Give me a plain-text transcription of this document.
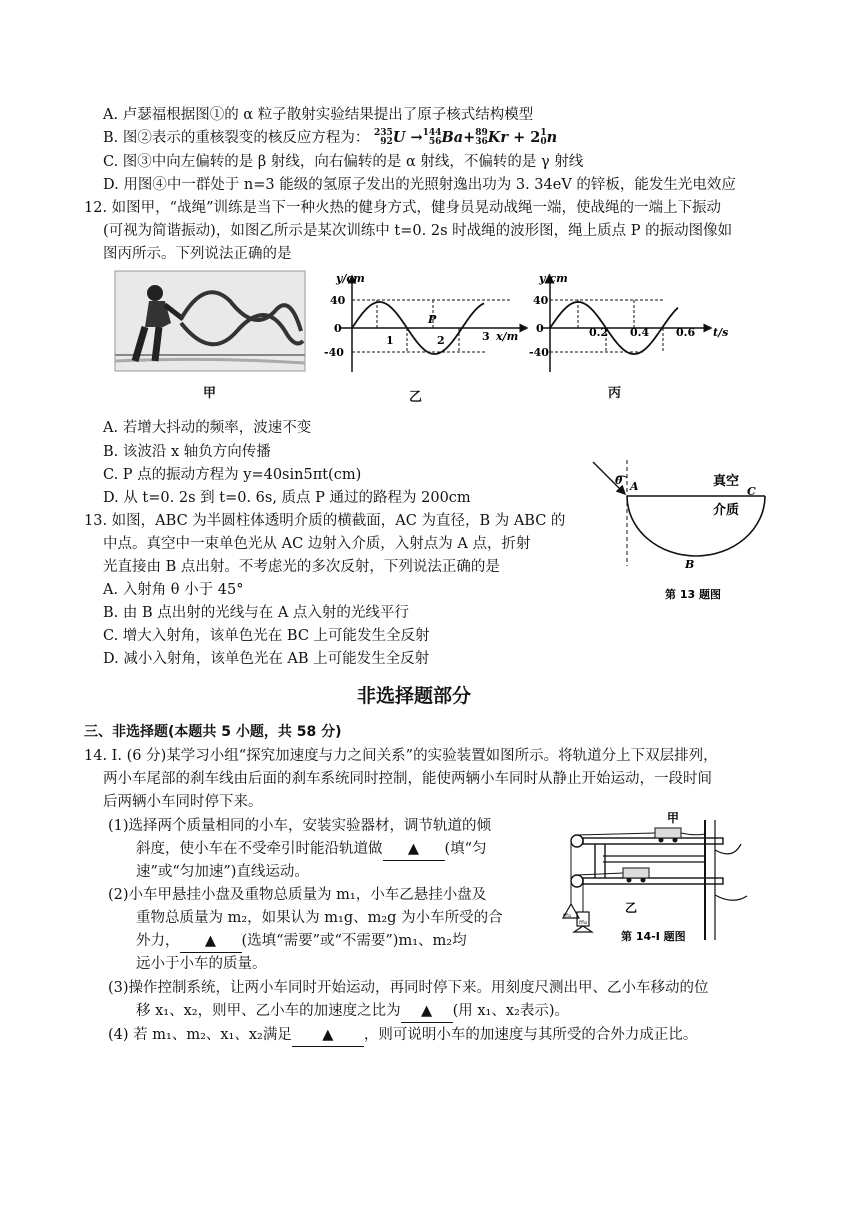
A. 卢瑟福根据图①的 α 粒子散射实验结果提出了原子核式结构模型
B. 图②表示的重核裂变的核反应方程为： 235
92U →144
56Ba+89
36Kr + 21
0n
C. 图③中向左偏转的是 β 射线，向右偏转的是 α 射线，不偏转的是 γ 射线
D. 用图④中一群处于 n=3 能级的氢原子发出的光照射逸出功为 3. 34eV 的锌板，能发生光电效应
12. 如图甲，“战绳”训练是当下一种火热的健身方式，健身员晃动战绳一端，使战绳的一端上下振动
(可视为简谐振动)，如图乙所示是某次训练中 t=0. 2s 时战绳的波形图，绳上质点 P 的振动图像如
图丙所示。下列说法正确的是
甲
y/cm
40
0
-40
1	2	3 x/m
P
乙
y/cm
40
0
-40
0.2 0.4 0.6 t/s
丙
A. 若增大抖动的频率，波速不变
B. 该波沿 x 轴负方向传播
C. P 点的振动方程为 y=40sin5πt(cm)
D. 从 t=0. 2s 到 t=0. 6s, 质点 P 通过的路程为 200cm
13. 如图，ABC 为半圆柱体透明介质的横截面，AC 为直径，B 为 ABC 的
中点。真空中一束单色光从 AC 边射入介质，入射点为 A 点，折射
光直接由 B 点出射。不考虑光的多次反射，下列说法正确的是
A. 入射角 θ 小于 45°
B. 由 B 点出射的光线与在 A 点入射的光线平行
C. 增大入射角，该单色光在 BC 上可能发生全反射
D. 减小入射角，该单色光在 AB 上可能发生全反射
θ A	C
B
真空
介质
第 13 题图
非选择题部分
三、非选择题(本题共 5 小题，共 58 分)
14. I. (6 分)某学习小组“探究加速度与力之间关系”的实验装置如图所示。将轨道分上下双层排列，
两小车尾部的刹车线由后面的刹车系统同时控制，能使两辆小车同时从静止开始运动，一段时间
后两辆小车同时停下来。
(1)选择两个质量相同的小车，安装实验器材，调节轨道的倾
斜度，使小车在不受牵引时能沿轨道做 ▲ (填“匀
速”或“匀加速”)直线运动。
(2)小车甲悬挂小盘及重物总质量为 m₁，小车乙悬挂小盘及
重物总质量为 m₂，如果认为 m₁g、m₂g 为小车所受的合
外力， ▲ (选填“需要”或“不需要”)m₁、m₂均
远小于小车的质量。
m₁
m₂
甲
乙
第 14-I 题图
(3)操作控制系统，让两小车同时开始运动，再同时停下来。用刻度尺测出甲、乙小车移动的位
移 x₁、x₂，则甲、乙小车的加速度之比为 ▲ (用 x₁、x₂表示)。
(4) 若 m₁、m₂、x₁、x₂满足 ▲ ，则可说明小车的加速度与其所受的合外力成正比。
